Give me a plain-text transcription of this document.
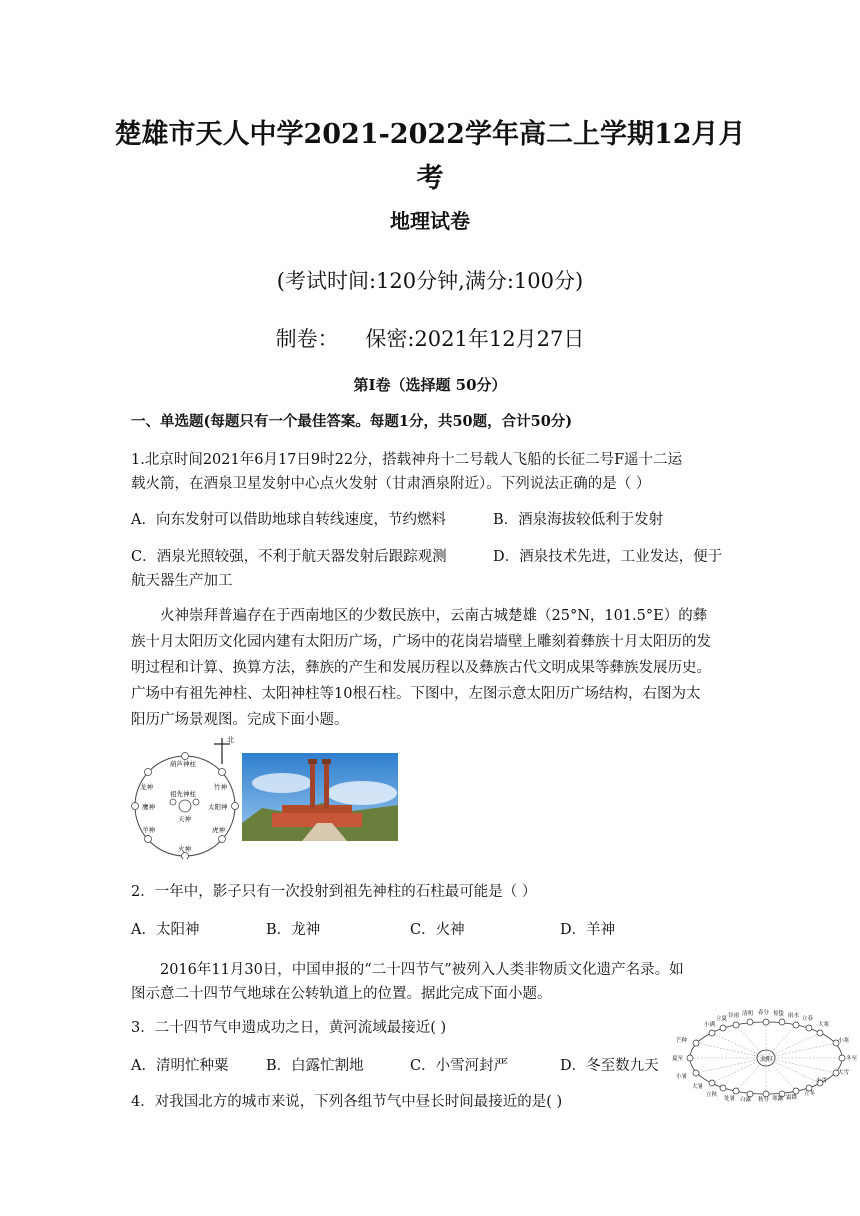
楚雄市天人中学2021-2022学年高二上学期12月月
考
地理试卷
(考试时间:120分钟,满分:100分)
制卷：    保密:2021年12月27日
第Ⅰ卷（选择题 50分）
一、单选题(每题只有一个最佳答案。每题1分，共50题，合计50分)
1.北京时间2021年6月17日9时22分，搭载神舟十二号载人飞船的长征二号F遥十二运
载火箭，在酒泉卫星发射中心点火发射（甘肃酒泉附近）。下列说法正确的是（ ）
A．向东发射可以借助地球自转线速度，节约燃料	B．酒泉海拔较低利于发射
C．酒泉光照较强，不利于航天器发射后跟踪观测	D．酒泉技术先进，工业发达，便于
航天器生产加工
火神崇拜普遍存在于西南地区的少数民族中，云南古城楚雄（25°N，101.5°E）的彝
族十月太阳历文化园内建有太阳历广场，广场中的花岗岩墙壁上雕刻着彝族十月太阳历的发
明过程和计算、换算方法，彝族的产生和发展历程以及彝族古代文明成果等彝族发展历史。
广场中有祖先神柱、太阳神柱等10根石柱。下图中，左图示意太阳历广场结构，右图为太
阳历广场景观图。完成下面小题。
北
葫芦神柱
祖先神柱
竹神
龙神
太阳神
鹰神
天神
羊神	虎神
火神
2．一年中，影子只有一次投射到祖先神柱的石柱最可能是（ ）
A．太阳神	B．龙神	C．火神	D．羊神
2016年11月30日，中国申报的“二十四节气”被列入人类非物质文化遗产名录。如
图示意二十四节气地球在公转轨道上的位置。据此完成下面小题。
3．二十四节气申遗成功之日，黄河流域最接近( )
A．清明忙种粟	B．白露忙割地	C．小雪河封严	D．冬至数九天
4．对我国北方的城市来说，下列各组节气中昼长时间最接近的是( )
太阳
小满
立夏 谷雨 清明 春分 惊蛰 雨水 立春
大寒
芒种
夏至
小暑
小寒
冬至
大雪
小雪
大暑
立秋
处暑 白露 秋分 寒露 霜降
立冬
